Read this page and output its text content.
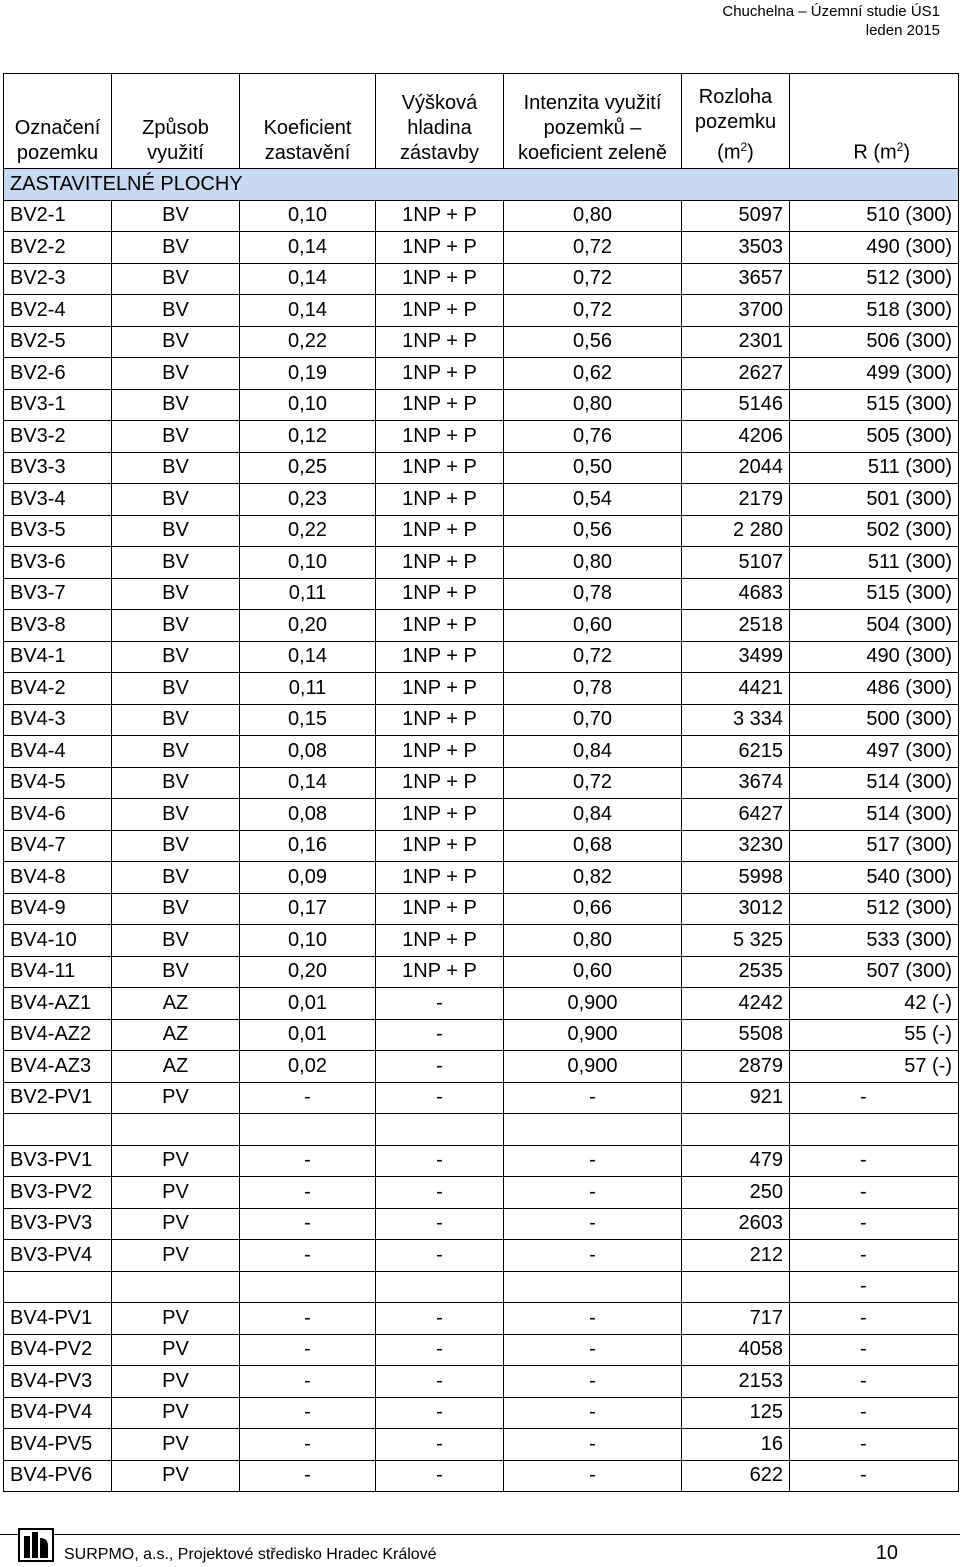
Chuchelna – Územní studie ÚS1
leden 2015
Označení pozemku	Způsob využití	Koeficient zastavění	Výšková hladina zástavby	Intenzita využití pozemků – koeficient zeleně	Rozloha pozemku $(m^2)$	R $(m^2)$
ZASTAVITELNÉ PLOCHY						
BV2-1	BV	0,10	1NP + P	0,80	5097	510 (300)
BV2-2	BV	0,14	1NP + P	0,72	3503	490 (300)
BV2-3	BV	0,14	1NP + P	0,72	3657	512 (300)
BV2-4	BV	0,14	1NP + P	0,72	3700	518 (300)
BV2-5	BV	0,22	1NP + P	0,56	2301	506 (300)
BV2-6	BV	0,19	1NP + P	0,62	2627	499 (300)
BV3-1	BV	0,10	1NP + P	0,80	5146	515 (300)
BV3-2	BV	0,12	1NP + P	0,76	4206	505 (300)
BV3-3	BV	0,25	1NP + P	0,50	2044	511 (300)
BV3-4	BV	0,23	1NP + P	0,54	2179	501 (300)
BV3-5	BV	0,22	1NP + P	0,56	2 280	502 (300)
BV3-6	BV	0,10	1NP + P	0,80	5107	511 (300)
BV3-7	BV	0,11	1NP + P	0,78	4683	515 (300)
BV3-8	BV	0,20	1NP + P	0,60	2518	504 (300)
BV4-1	BV	0,14	1NP + P	0,72	3499	490 (300)
BV4-2	BV	0,11	1NP + P	0,78	4421	486 (300)
BV4-3	BV	0,15	1NP + P	0,70	3 334	500 (300)
BV4-4	BV	0,08	1NP + P	0,84	6215	497 (300)
BV4-5	BV	0,14	1NP + P	0,72	3674	514 (300)
BV4-6	BV	0,08	1NP + P	0,84	6427	514 (300)
BV4-7	BV	0,16	1NP + P	0,68	3230	517 (300)
BV4-8	BV	0,09	1NP + P	0,82	5998	540 (300)
BV4-9	BV	0,17	1NP + P	0,66	3012	512 (300)
BV4-10	BV	0,10	1NP + P	0,80	5 325	533 (300)
BV4-11	BV	0,20	1NP + P	0,60	2535	507 (300)
BV4-AZ1	AZ	0,01	-	0,900	4242	42 (-)
BV4-AZ2	AZ	0,01	-	0,900	5508	55 (-)
BV4-AZ3	AZ	0,02	-	0,900	2879	57 (-)
BV2-PV1	PV	-	-	-	921	-

BV3-PV1	PV	-	-	-	479	-
BV3-PV2	PV	-	-	-	250	-
BV3-PV3	PV	-	-	-	2603	-
BV3-PV4	PV	-	-	-	212	-
						-
BV4-PV1	PV	-	-	-	717	-
BV4-PV2	PV	-	-	-	4058	-
BV4-PV3	PV	-	-	-	2153	-
BV4-PV4	PV	-	-	-	125	-
BV4-PV5	PV	-	-	-	16	-
BV4-PV6	PV	-	-	-	622	-
SURPMO, a.s., Projektové středisko Hradec Králové	10
